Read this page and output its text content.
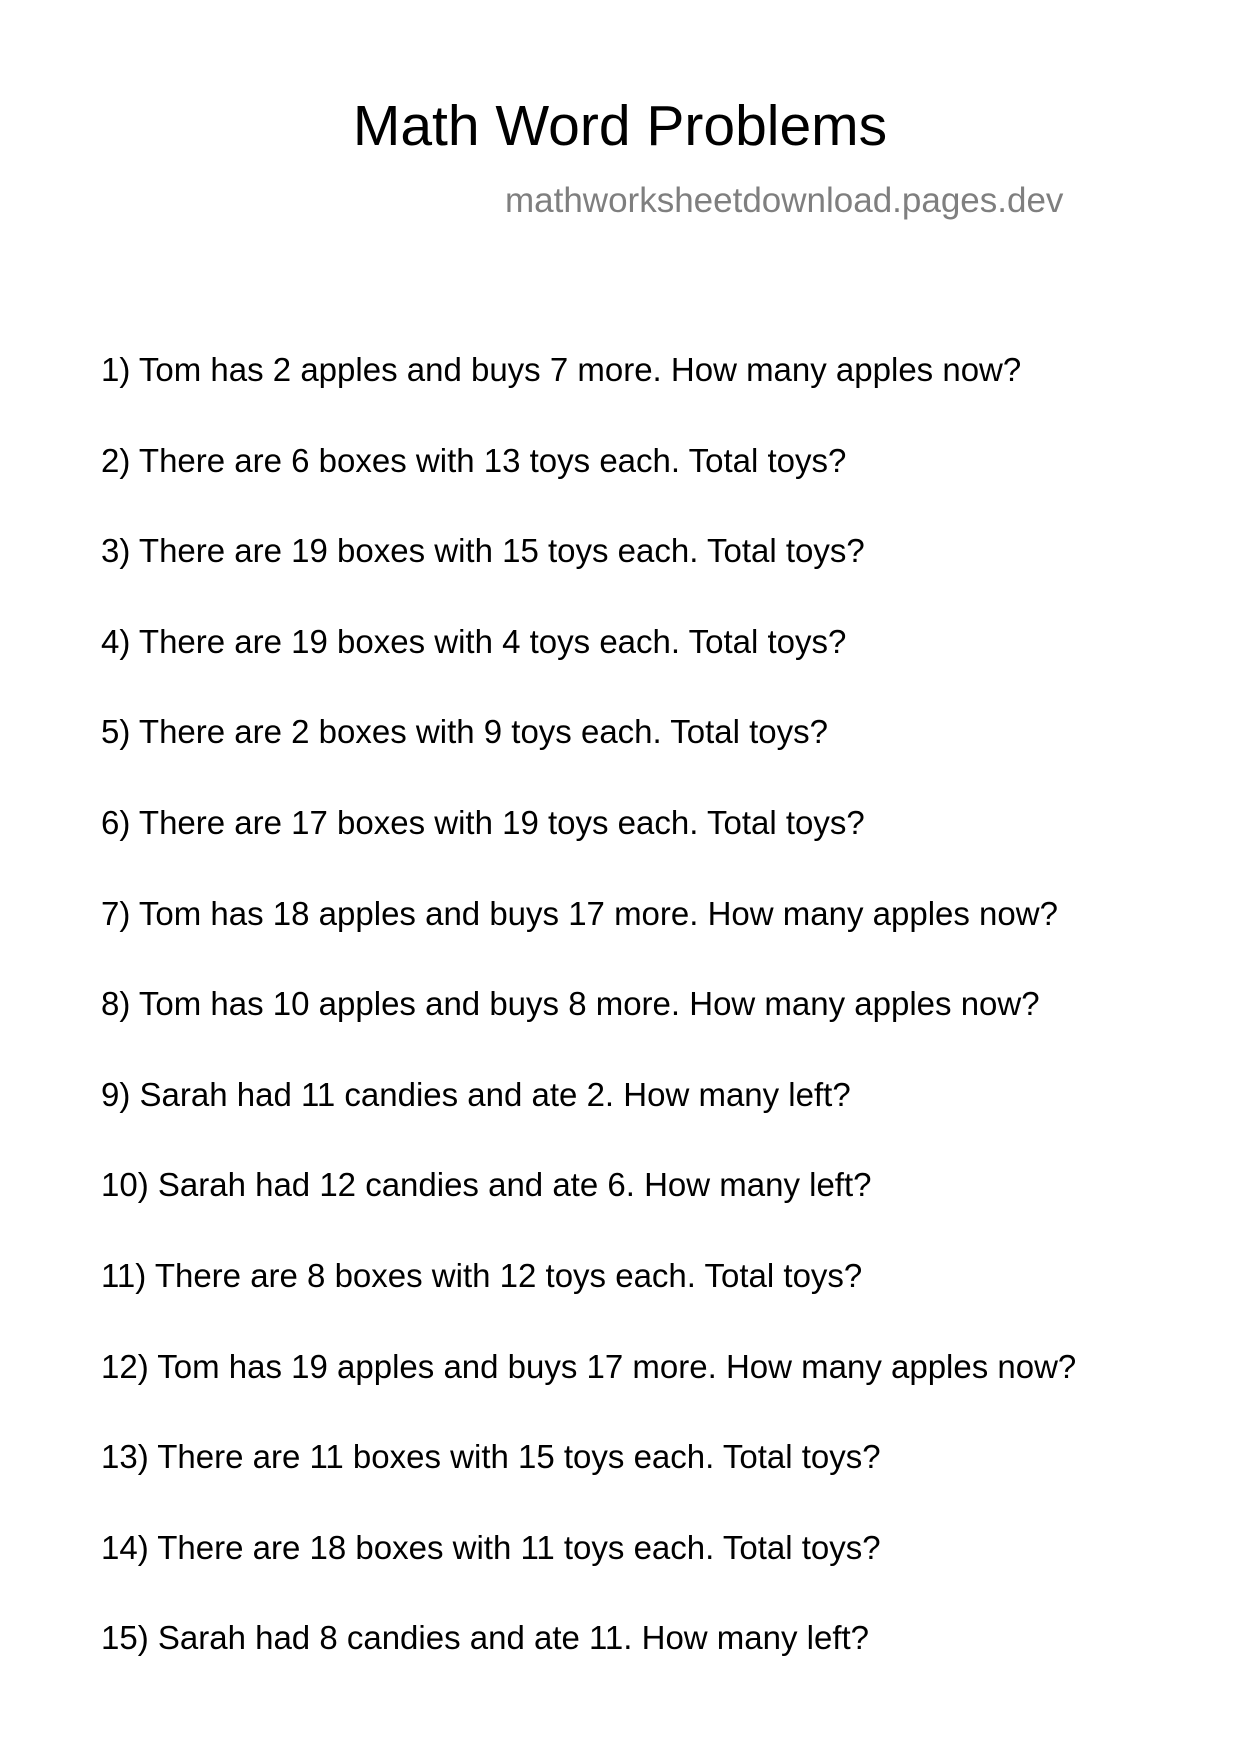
Math Word Problems
mathworksheetdownload.pages.dev
1) Tom has 2 apples and buys 7 more. How many apples now?
2) There are 6 boxes with 13 toys each. Total toys?
3) There are 19 boxes with 15 toys each. Total toys?
4) There are 19 boxes with 4 toys each. Total toys?
5) There are 2 boxes with 9 toys each. Total toys?
6) There are 17 boxes with 19 toys each. Total toys?
7) Tom has 18 apples and buys 17 more. How many apples now?
8) Tom has 10 apples and buys 8 more. How many apples now?
9) Sarah had 11 candies and ate 2. How many left?
10) Sarah had 12 candies and ate 6. How many left?
11) There are 8 boxes with 12 toys each. Total toys?
12) Tom has 19 apples and buys 17 more. How many apples now?
13) There are 11 boxes with 15 toys each. Total toys?
14) There are 18 boxes with 11 toys each. Total toys?
15) Sarah had 8 candies and ate 11. How many left?
